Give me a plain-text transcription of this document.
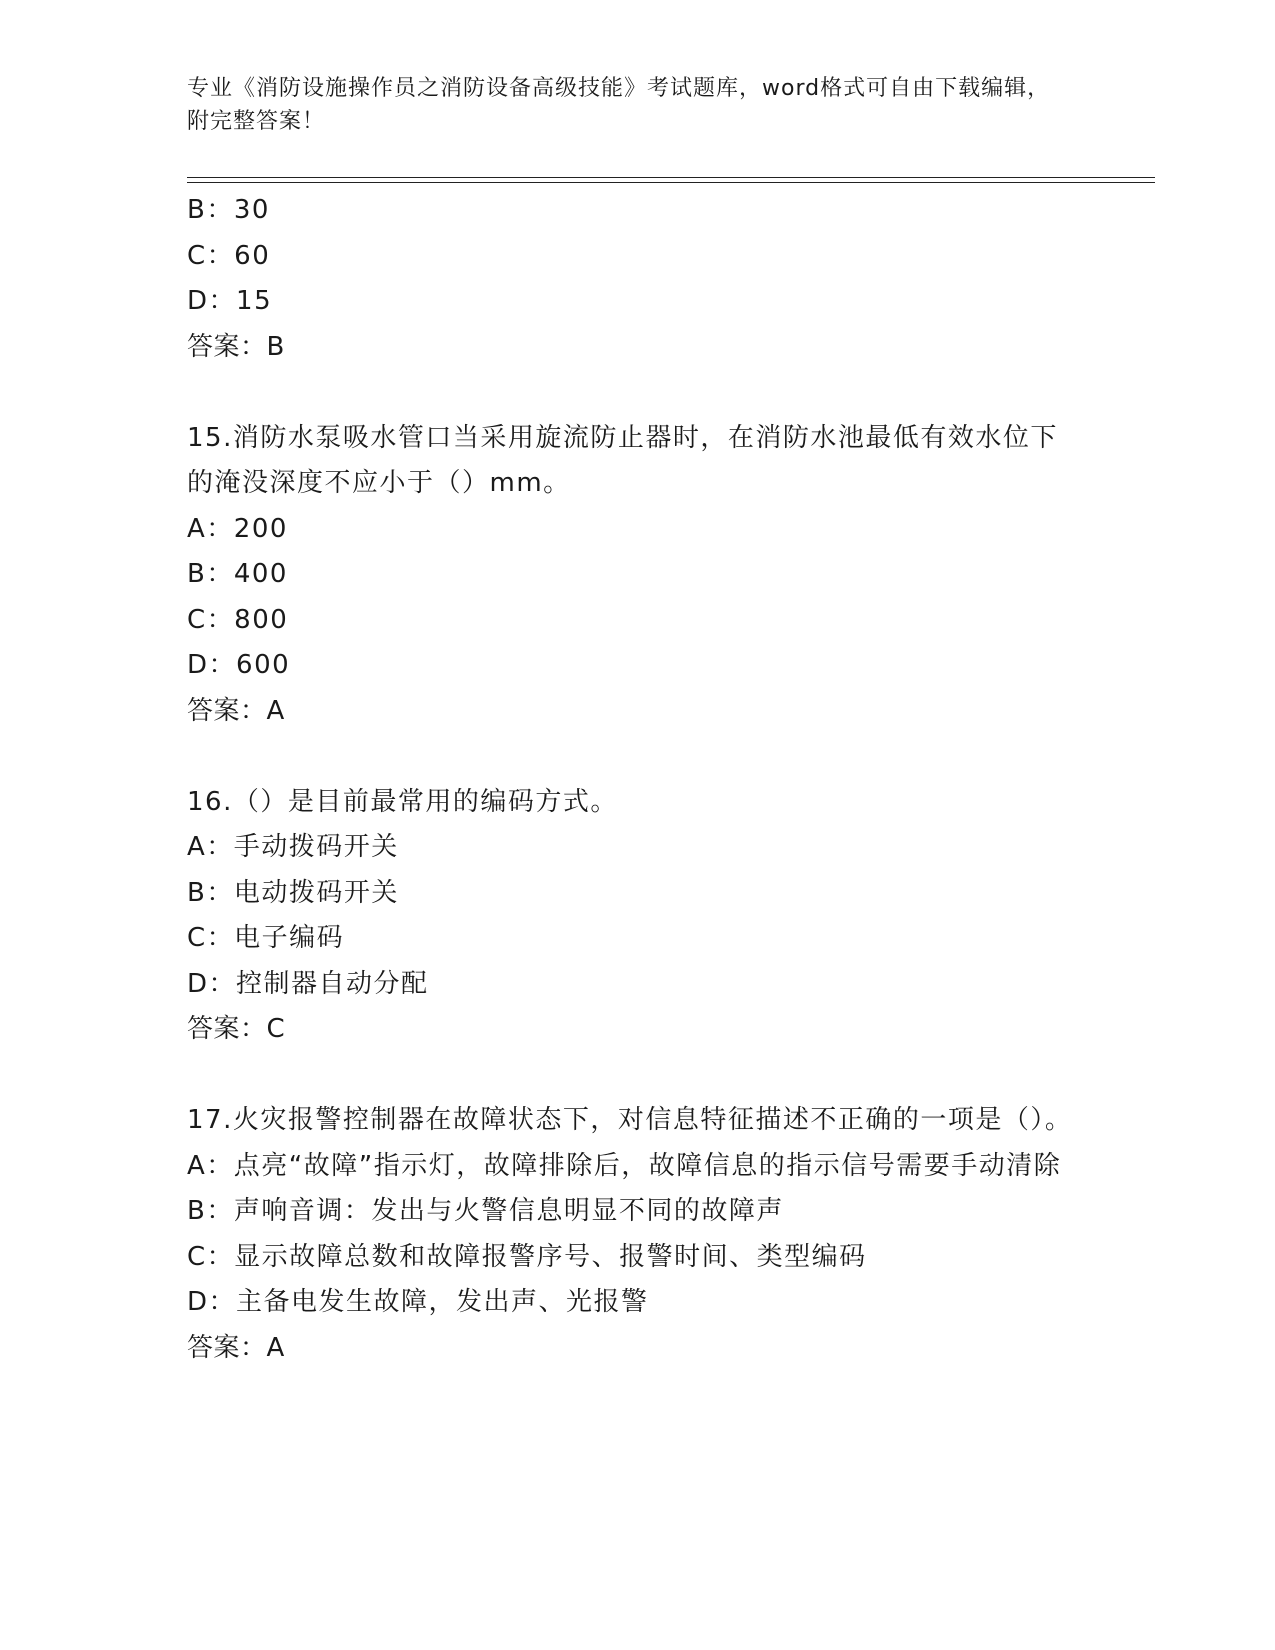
专业《消防设施操作员之消防设备高级技能》考试题库，word格式可自由下载编辑，附完整答案！
B：30
C：60
D：15
答案：B
15.消防水泵吸水管口当采用旋流防止器时，在消防水池最低有效水位下的淹没深度不应小于（）mm。
A：200
B：400
C：800
D：600
答案：A
16.（）是目前最常用的编码方式。
A：手动拨码开关
B：电动拨码开关
C：电子编码
D：控制器自动分配
答案：C
17.火灾报警控制器在故障状态下，对信息特征描述不正确的一项是（）。
A：点亮“故障”指示灯，故障排除后，故障信息的指示信号需要手动清除
B：声响音调：发出与火警信息明显不同的故障声
C：显示故障总数和故障报警序号、报警时间、类型编码
D：主备电发生故障，发出声、光报警
答案：A
